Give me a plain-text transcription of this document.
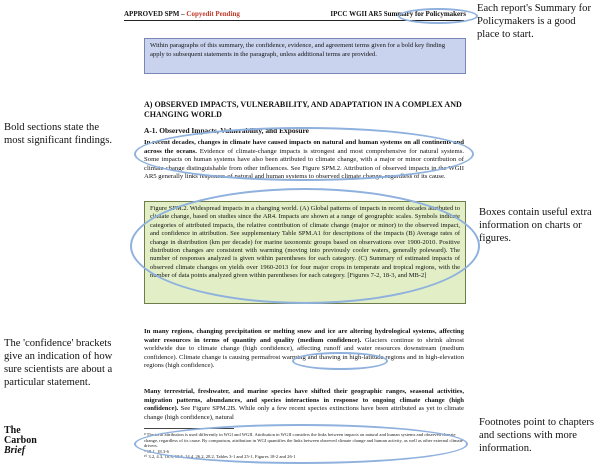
APPROVED SPM – Copyedit Pending	IPCC WGII AR5 Summary for Policymakers
Within paragraphs of this summary, the confidence, evidence, and agreement terms given for a bold key finding apply to subsequent statements in the paragraph, unless additional terms are provided.
A) OBSERVED IMPACTS, VULNERABILITY, AND ADAPTATION IN A COMPLEX AND CHANGING WORLD
A-1. Observed Impacts, Vulnerability, and Exposure
In recent decades, changes in climate have caused impacts on natural and human systems on all continents and across the oceans. Evidence of climate-change impacts is strongest and most comprehensive for natural systems. Some impacts on human systems have also been attributed to climate change, with a major or minor contribution of climate change distinguishable from other influences. See Figure SPM.2. Attribution of observed impacts in the WGII AR5 generally links responses of natural and human systems to observed climate change, regardless of its cause.
Figure SPM.2. Widespread impacts in a changing world. (A) Global patterns of impacts in recent decades attributed to climate change, based on studies since the AR4. Impacts are shown at a range of geographic scales. Symbols indicate categories of attributed impacts, the relative contribution of climate change (major or minor) to the observed impact, and confidence in attribution. See supplementary Table SPM.A1 for descriptions of the impacts (B) Average rates of change in distribution (km per decade) for marine taxonomic groups based on observations over 1900-2010. Positive distribution changes are consistent with warming (moving into previously cooler waters, generally poleward). The number of responses analyzed is given within parentheses for each category. (C) Summary of estimated impacts of observed climate changes on yields over 1960-2013 for four major crops in temperate and tropical regions, with the number of data points analyzed given within parentheses for each category. [Figures 7-2, 18-3, and MB-2]
In many regions, changing precipitation or melting snow and ice are altering hydrological systems, affecting water resources in terms of quantity and quality (medium confidence). Glaciers continue to shrink almost worldwide due to climate change (high confidence), affecting runoff and water resources downstream (medium confidence). Climate change is causing permafrost warming and thawing in high-latitude regions and in high-elevation regions (high confidence).
Many terrestrial, freshwater, and marine species have shifted their geographic ranges, seasonal activities, migration patterns, abundances, and species interactions in response to ongoing climate change (high confidence). See Figure SPM.2B. While only a few recent species extinctions have been attributed as yet to climate change (high confidence), natural
⁸ The term attribution is used differently in WGI and WGII. Attribution in WGII considers the links between impacts on natural and human systems and observed climate change, regardless of its cause. By comparison, attribution in WGI quantifies the links between observed climate change and human activity, as well as other external climate drivers.
⁹ 18.1, 18.3-6
¹⁰ 3.2, 4.3, 18.3, 18.5, 24.4, 26.2, 28.2, Tables 3-1 and 25-1, Figures 18-2 and 26-1
Each report's Summary for Policymakers is a good place to start.
Bold sections state the most significant findings.
Boxes contain useful extra information on charts or figures.
The 'confidence' brackets give an indication of how sure scientists are about a particular statement.
Footnotes point to chapters and sections with more information.
The
Carbon
Brief
